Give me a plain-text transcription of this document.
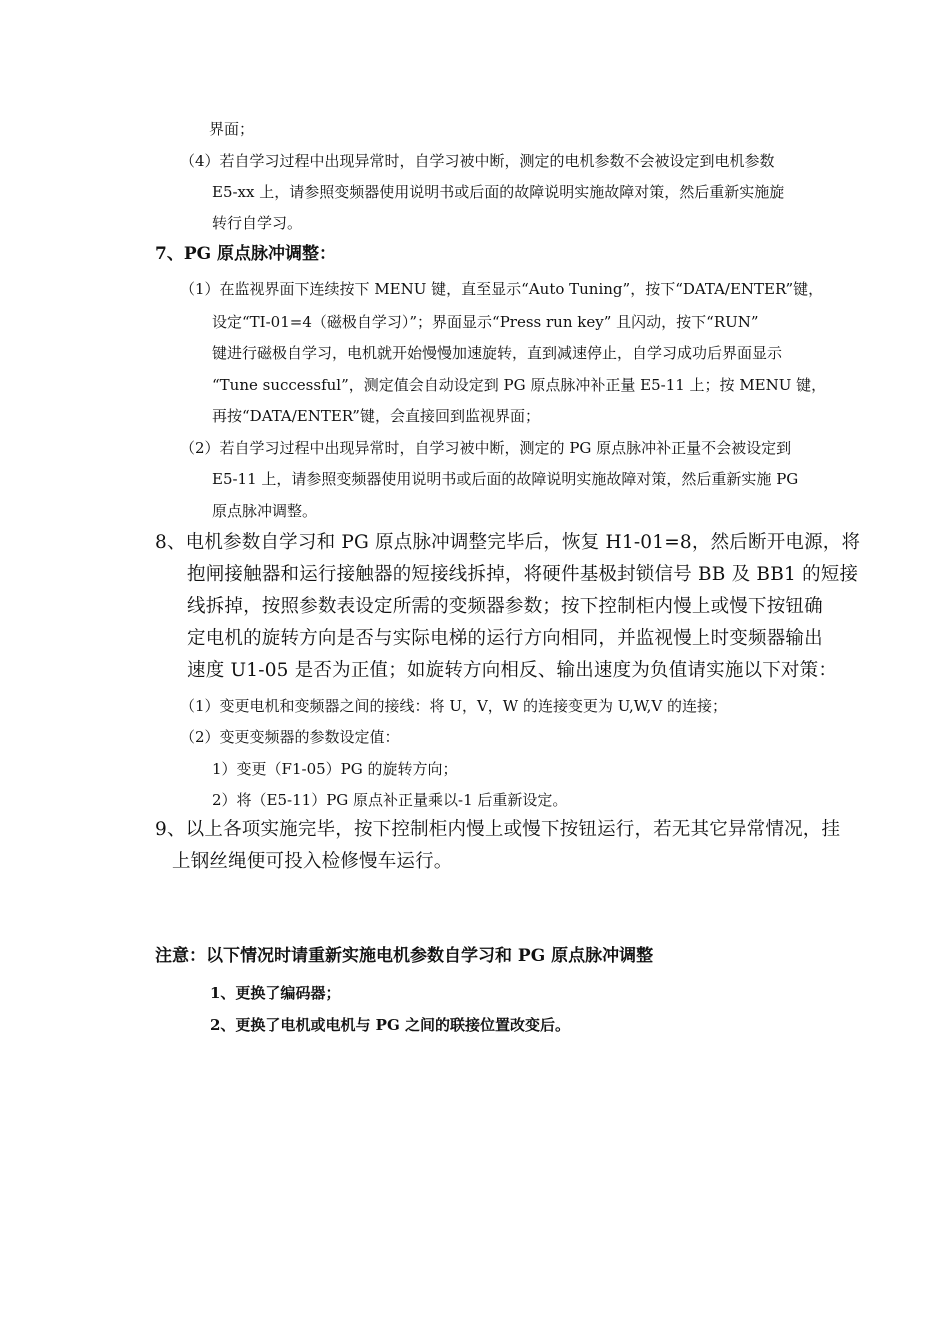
界面；
（4）若自学习过程中出现异常时，自学习被中断，测定的电机参数不会被设定到电机参数
E5-xx 上，请参照变频器使用说明书或后面的故障说明实施故障对策，然后重新实施旋
转行自学习。
7、PG 原点脉冲调整：
（1）在监视界面下连续按下 MENU 键，直至显示“Auto Tuning”，按下“DATA/ENTER”键，
设定“TI-01=4（磁极自学习）”；界面显示“Press run key” 且闪动，按下“RUN”
键进行磁极自学习，电机就开始慢慢加速旋转，直到减速停止，自学习成功后界面显示
“Tune successful”，测定值会自动设定到 PG 原点脉冲补正量 E5-11 上；按 MENU 键，
再按“DATA/ENTER”键，会直接回到监视界面；
（2）若自学习过程中出现异常时，自学习被中断，测定的 PG 原点脉冲补正量不会被设定到
E5-11 上，请参照变频器使用说明书或后面的故障说明实施故障对策，然后重新实施 PG
原点脉冲调整。
8、电机参数自学习和 PG 原点脉冲调整完毕后，恢复 H1-01=8，然后断开电源，将
抱闸接触器和运行接触器的短接线拆掉，将硬件基极封锁信号 BB 及 BB1 的短接
线拆掉，按照参数表设定所需的变频器参数；按下控制柜内慢上或慢下按钮确
定电机的旋转方向是否与实际电梯的运行方向相同，并监视慢上时变频器输出
速度 U1-05 是否为正值；如旋转方向相反、输出速度为负值请实施以下对策：
（1）变更电机和变频器之间的接线：将 U，V，W 的连接变更为 U,W,V 的连接；
（2）变更变频器的参数设定值：
1）变更（F1-05）PG 的旋转方向；
2）将（E5-11）PG 原点补正量乘以-1 后重新设定。
9、以上各项实施完毕，按下控制柜内慢上或慢下按钮运行，若无其它异常情况，挂
上钢丝绳便可投入检修慢车运行。
注意：以下情况时请重新实施电机参数自学习和 PG 原点脉冲调整
1、更换了编码器；
2、更换了电机或电机与 PG 之间的联接位置改变后。
